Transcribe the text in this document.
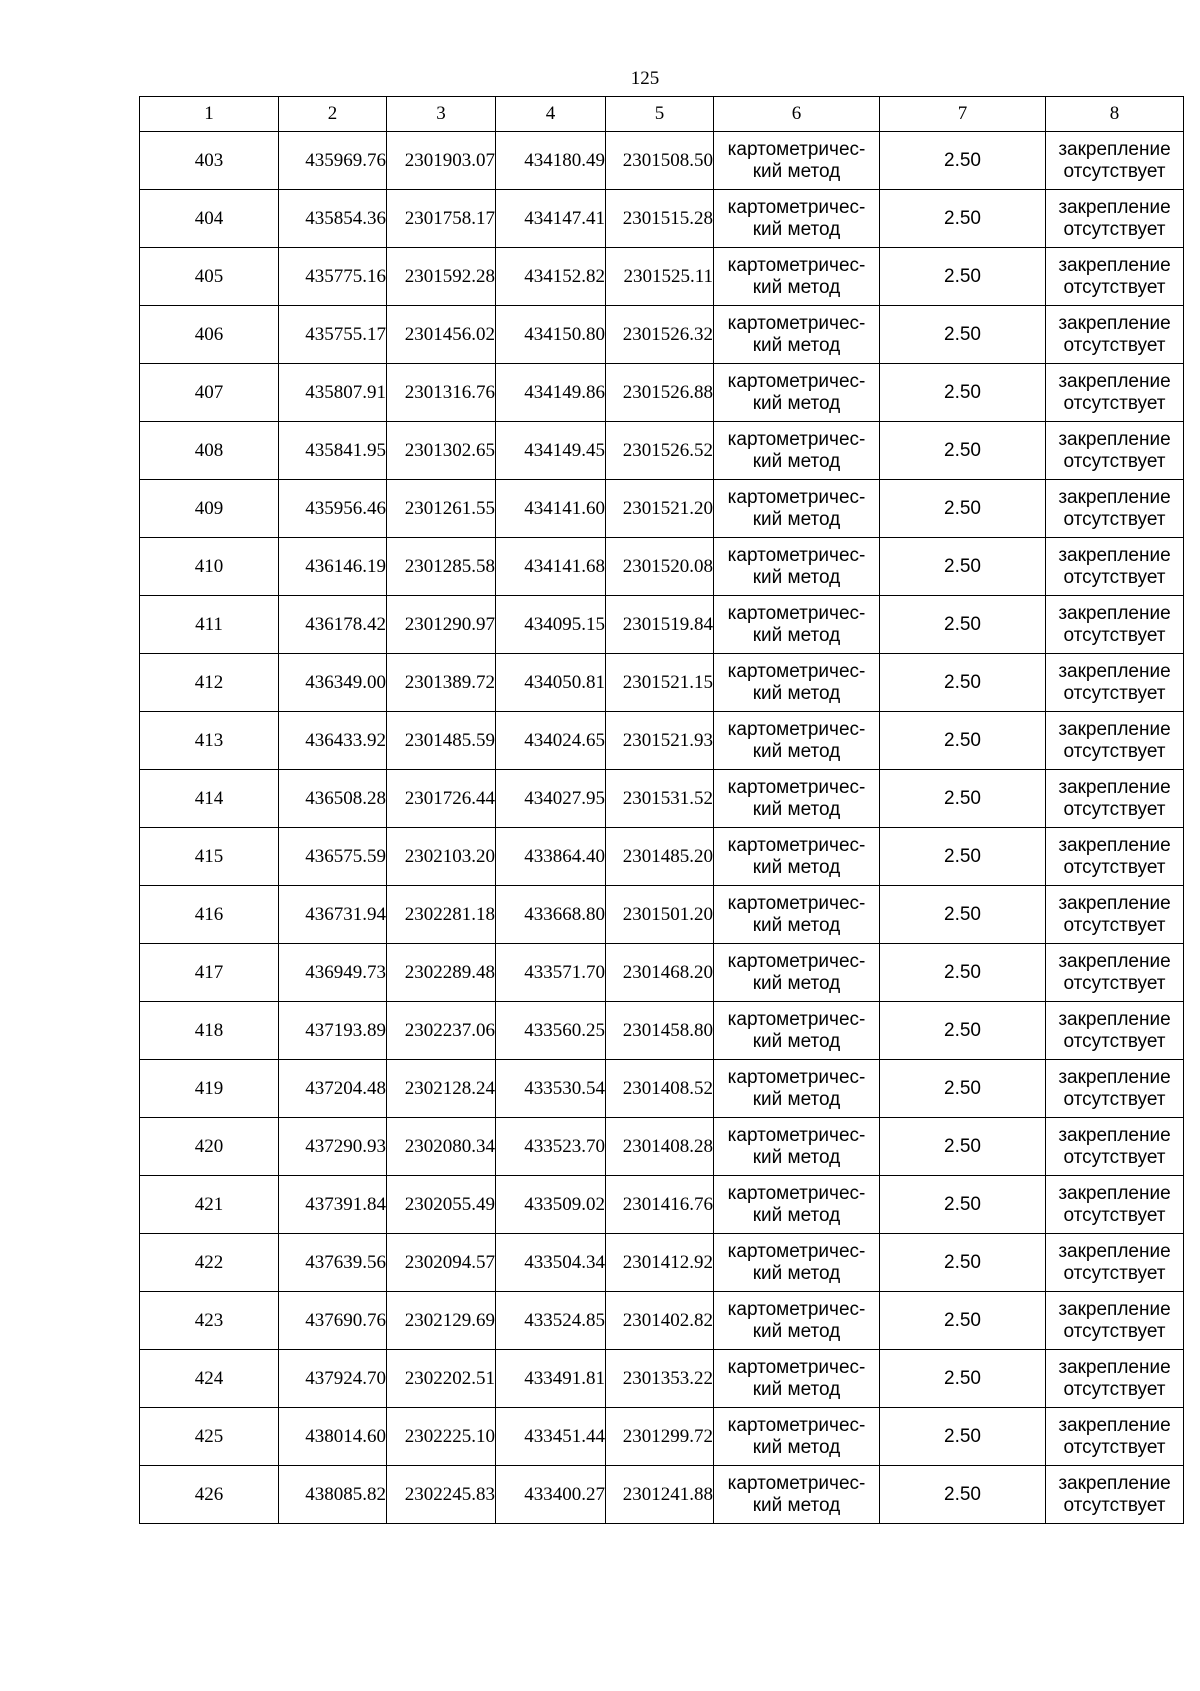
125
1	2	3	4	5	6	7	8
403	435969.76	2301903.07	434180.49	2301508.50	картометричес-
кий метод	2.50	закрепление
отсутствует

404	435854.36	2301758.17	434147.41	2301515.28	картометричес-
кий метод	2.50	закрепление
отсутствует

405	435775.16	2301592.28	434152.82	2301525.11	картометричес-
кий метод	2.50	закрепление
отсутствует

406	435755.17	2301456.02	434150.80	2301526.32	картометричес-
кий метод	2.50	закрепление
отсутствует

407	435807.91	2301316.76	434149.86	2301526.88	картометричес-
кий метод	2.50	закрепление
отсутствует

408	435841.95	2301302.65	434149.45	2301526.52	картометричес-
кий метод	2.50	закрепление
отсутствует

409	435956.46	2301261.55	434141.60	2301521.20	картометричес-
кий метод	2.50	закрепление
отсутствует

410	436146.19	2301285.58	434141.68	2301520.08	картометричес-
кий метод	2.50	закрепление
отсутствует

411	436178.42	2301290.97	434095.15	2301519.84	картометричес-
кий метод	2.50	закрепление
отсутствует

412	436349.00	2301389.72	434050.81	2301521.15	картометричес-
кий метод	2.50	закрепление
отсутствует

413	436433.92	2301485.59	434024.65	2301521.93	картометричес-
кий метод	2.50	закрепление
отсутствует

414	436508.28	2301726.44	434027.95	2301531.52	картометричес-
кий метод	2.50	закрепление
отсутствует

415	436575.59	2302103.20	433864.40	2301485.20	картометричес-
кий метод	2.50	закрепление
отсутствует

416	436731.94	2302281.18	433668.80	2301501.20	картометричес-
кий метод	2.50	закрепление
отсутствует

417	436949.73	2302289.48	433571.70	2301468.20	картометричес-
кий метод	2.50	закрепление
отсутствует

418	437193.89	2302237.06	433560.25	2301458.80	картометричес-
кий метод	2.50	закрепление
отсутствует

419	437204.48	2302128.24	433530.54	2301408.52	картометричес-
кий метод	2.50	закрепление
отсутствует

420	437290.93	2302080.34	433523.70	2301408.28	картометричес-
кий метод	2.50	закрепление
отсутствует

421	437391.84	2302055.49	433509.02	2301416.76	картометричес-
кий метод	2.50	закрепление
отсутствует

422	437639.56	2302094.57	433504.34	2301412.92	картометричес-
кий метод	2.50	закрепление
отсутствует

423	437690.76	2302129.69	433524.85	2301402.82	картометричес-
кий метод	2.50	закрепление
отсутствует

424	437924.70	2302202.51	433491.81	2301353.22	картометричес-
кий метод	2.50	закрепление
отсутствует

425	438014.60	2302225.10	433451.44	2301299.72	картометричес-
кий метод	2.50	закрепление
отсутствует

426	438085.82	2302245.83	433400.27	2301241.88	картометричес-
кий метод	2.50	закрепление
отсутствует
